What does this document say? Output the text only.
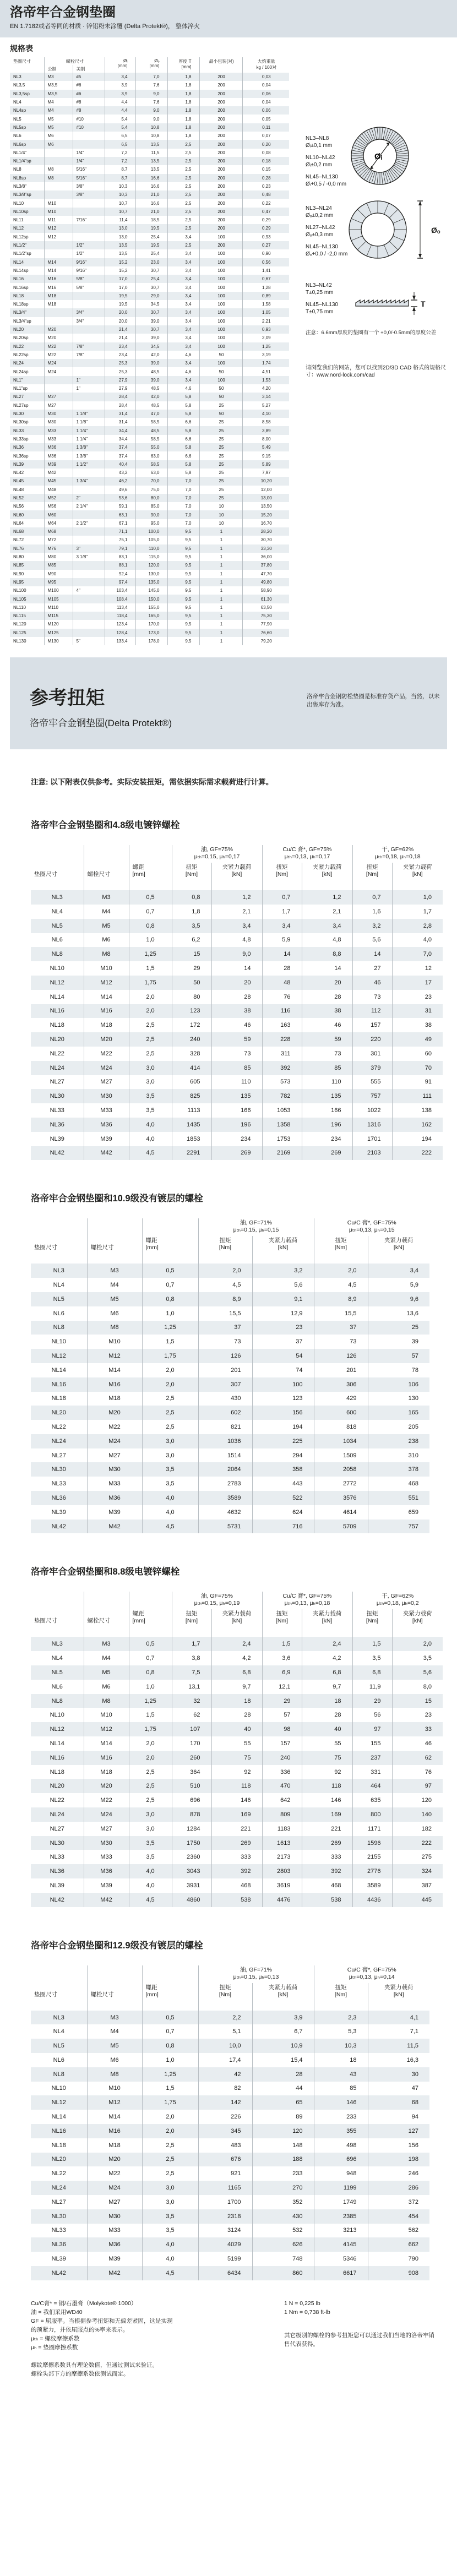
洛帝牢合金钢垫圈
EN 1.7182或者等同的材质 · 锌铝粉末涂覆 (Delta Protekt®)， 整体淬火
规格表
垫圈尺寸	螺栓尺寸	Øᵢ
[mm]

Øₒ
[mm]

厚度 T
[mm]
	最小包装(对)	大约重量
kg / 100对

	公制	美制					
NL3	M3	#5	3,4	7,0	1,8	200	0,03
NL3,5	M3,5	#6	3,9	7,6	1,8	200	0,04
NL3,5sp	M3,5	#6	3,9	9,0	1,8	200	0,06
NL4	M4	#8	4,4	7,6	1,8	200	0,04
NL4sp	M4	#8	4,4	9,0	1,8	200	0,06
NL5	M5	#10	5,4	9,0	1,8	200	0,05
NL5sp	M5	#10	5,4	10,8	1,8	200	0,11
NL6	M6		6,5	10,8	1,8	200	0,07
NL6sp	M6		6,5	13,5	2,5	200	0,20
NL1/4"		1/4"	7,2	11,5	2,5	200	0,08
NL1/4"sp		1/4"	7,2	13,5	2,5	200	0,18
NL8	M8	5/16"	8,7	13,5	2,5	200	0,15
NL8sp	M8	5/16"	8,7	16,6	2,5	200	0,28
NL3/8"		3/8"	10,3	16,6	2,5	200	0,23
NL3/8"sp		3/8"	10,3	21,0	2,5	200	0,48
NL10	M10		10,7	16,6	2,5	200	0,22
NL10sp	M10		10,7	21,0	2,5	200	0,47
NL11	M11	7/16"	11,4	18,5	2,5	200	0,29
NL12	M12		13,0	19,5	2,5	200	0,29
NL12sp	M12		13,0	25,4	3,4	100	0,93
NL1/2"		1/2"	13,5	19,5	2,5	200	0,27
NL1/2"sp		1/2"	13,5	25,4	3,4	100	0,90
NL14	M14	9/16"	15,2	23,0	3,4	100	0,56
NL14sp	M14	9/16"	15,2	30,7	3,4	100	1,41
NL16	M16	5/8"	17,0	25,4	3,4	100	0,67
NL16sp	M16	5/8"	17,0	30,7	3,4	100	1,28
NL18	M18		19,5	29,0	3,4	100	0,89
NL18sp	M18		19,5	34,5	3,4	100	1,58
NL3/4"		3/4"	20,0	30,7	3,4	100	1,05
NL3/4"sp		3/4"	20,0	39,0	3,4	100	2,21
NL20	M20		21,4	30,7	3,4	100	0,93
NL20sp	M20		21,4	39,0	3,4	100	2,09
NL22	M22	7/8"	23,4	34,5	3,4	100	1,25
NL22sp	M22	7/8"	23,4	42,0	4,6	50	3,19
NL24	M24		25,3	39,0	3,4	100	1,74
NL24sp	M24		25,3	48,5	4,6	50	4,51
NL1"		1"	27,9	39,0	3,4	100	1,53
NL1"sp		1"	27,9	48,5	4,6	50	4,20
NL27	M27		28,4	42,0	5,8	50	3,14
NL27sp	M27		28,4	48,5	5,8	25	5,27
NL30	M30	1 1/8"	31,4	47,0	5,8	50	4,10
NL30sp	M30	1 1/8"	31,4	58,5	6,6	25	8,58
NL33	M33	1 1/4"	34,4	48,5	5,8	25	3,89
NL33sp	M33	1 1/4"	34,4	58,5	6,6	25	8,00
NL36	M36	1 3/8"	37,4	55,0	5,8	25	5,49
NL36sp	M36	1 3/8"	37,4	63,0	6,6	25	9,15
NL39	M39	1 1/2"	40,4	58,5	5,8	25	5,89
NL42	M42		43,2	63,0	5,8	25	7,97
NL45	M45	1 3/4"	46,2	70,0	7,0	25	10,20
NL48	M48		49,6	75,0	7,0	25	12,00
NL52	M52	2"	53,6	80,0	7,0	25	13,00
NL56	M56	2 1/4"	59,1	85,0	7,0	10	13,50
NL60	M60		63,1	90,0	7,0	10	15,20
NL64	M64	2 1/2"	67,1	95,0	7,0	10	16,70
NL68	M68		71,1	100,0	9,5	1	28,20
NL72	M72		75,1	105,0	9,5	1	30,70
NL76	M76	3"	79,1	110,0	9,5	1	33,30
NL80	M80	3 1/8"	83,1	115,0	9,5	1	36,00
NL85	M85		88,1	120,0	9,5	1	37,80
NL90	M90		92,4	130,0	9,5	1	47,70
NL95	M95		97,4	135,0	9,5	1	49,80
NL100	M100	4"	103,4	145,0	9,5	1	58,90
NL105	M105		108,4	150,0	9,5	1	61,30
NL110	M110		113,4	155,0	9,5	1	63,50
NL115	M115		118,4	165,0	9,5	1	75,30
NL120	M120		123,4	170,0	9,5	1	77,90
NL125	M125		128,4	173,0	9,5	1	76,60
NL130	M130	5"	133,4	178,0	9,5	1	79,20
NL3–NL8
Øᵢ±0,1 mm
NL10–NL42
Øᵢ±0,2 mm
NL45–NL130
Øᵢ+0,5 / -0,0 mm
Øᵢ
NL3–NL24
Øₒ±0,2 mm
NL27–NL42
Øₒ±0,3 mm
NL45–NL130
Øₒ+0,0 / -2,0 mm
Øₒ
NL3–NL42
T±0,25 mm
NL45–NL130
T±0,75 mm
T
注意：6.6mm厚度的垫圈有一个 +0,0/-0.5mm的厚度公差
请浏览我们的网站，您可以找到2D/3D CAD 格式的规格尺寸：www.nord-lock.com/cad
洛帝牢合金钢防松垫圈是标准存货产品，当然，以未出售库存为准。
参考扭矩
洛帝牢合金钢垫圈(Delta Protekt®)
注意: 以下附表仅供参考。实际安装扭矩，需依据实际需求载荷进行计算。
洛帝牢合金钢垫圈和4.8级电镀锌螺栓
垫圈尺寸	螺栓尺寸

螺距
[mm]

油, GF=75%
μₜₕ=0,15, μₕ=0,17

Cu/C 膏*, GF=75%
μₜₕ=0,13, μₕ=0,17

干, GF=62%
μₜₕ=0,18, μₕ=0,18

扭矩
[Nm]

夹紧力载荷
[kN]

扭矩
[Nm]

夹紧力载荷
[kN]

扭矩
[Nm]

夹紧力载荷
[kN]

NL3	M3	0,5	0,8	1,2	0,7	1,2	0,7	1,0
NL4	M4	0,7	1,8	2,1	1,7	2,1	1,6	1,7
NL5	M5	0,8	3,5	3,4	3,4	3,4	3,2	2,8
NL6	M6	1,0	6,2	4,8	5,9	4,8	5,6	4,0
NL8	M8	1,25	15	9,0	14	8,8	14	7,0
NL10	M10	1,5	29	14	28	14	27	12
NL12	M12	1,75	50	20	48	20	46	17
NL14	M14	2,0	80	28	76	28	73	23
NL16	M16	2,0	123	38	116	38	112	31
NL18	M18	2,5	172	46	163	46	157	38
NL20	M20	2,5	240	59	228	59	220	49
NL22	M22	2,5	328	73	311	73	301	60
NL24	M24	3,0	414	85	392	85	379	70
NL27	M27	3,0	605	110	573	110	555	91
NL30	M30	3,5	825	135	782	135	757	111
NL33	M33	3,5	1113	166	1053	166	1022	138
NL36	M36	4,0	1435	196	1358	196	1316	162
NL39	M39	4,0	1853	234	1753	234	1701	194
NL42	M42	4,5	2291	269	2169	269	2103	222
洛帝牢合金钢垫圈和10.9级没有镀层的螺栓
垫圈尺寸	螺栓尺寸

螺距
[mm]

油, GF=71%
μₜₕ=0,15, μₕ=0,15

Cu/C 膏*, GF=75%
μₜₕ=0,13, μₕ=0,15

扭矩
[Nm]

夹紧力载荷
[kN]

扭矩
[Nm]

夹紧力载荷
[kN]

NL3	M3	0,5	2,0	3,2	2,0	3,4
NL4	M4	0,7	4,5	5,6	4,5	5,9
NL5	M5	0,8	8,9	9,1	8,9	9,6
NL6	M6	1,0	15,5	12,9	15,5	13,6
NL8	M8	1,25	37	23	37	25
NL10	M10	1,5	73	37	73	39
NL12	M12	1,75	126	54	126	57
NL14	M14	2,0	201	74	201	78
NL16	M16	2,0	307	100	306	106
NL18	M18	2,5	430	123	429	130
NL20	M20	2,5	602	156	600	165
NL22	M22	2,5	821	194	818	205
NL24	M24	3,0	1036	225	1034	238
NL27	M27	3,0	1514	294	1509	310
NL30	M30	3,5	2064	358	2058	378
NL33	M33	3,5	2783	443	2772	468
NL36	M36	4,0	3589	522	3576	551
NL39	M39	4,0	4632	624	4614	659
NL42	M42	4,5	5731	716	5709	757
洛帝牢合金钢垫圈和8.8级电镀锌螺栓
垫圈尺寸	螺栓尺寸

螺距
[mm]

油, GF=75%
μₜₕ=0,15, μₕ=0,19

Cu/C 膏*, GF=75%
μₜₕ=0,13, μₕ=0,18

干, GF=62%
μₜₕ=0,18, μₕ=0,2

扭矩
[Nm]

夹紧力载荷
[kN]

扭矩
[Nm]

夹紧力载荷
[kN]

扭矩
[Nm]

夹紧力载荷
[kN]

NL3	M3	0,5	1,7	2,4	1,5	2,4	1,5	2,0
NL4	M4	0,7	3,8	4,2	3,6	4,2	3,5	3,5
NL5	M5	0,8	7,5	6,8	6,9	6,8	6,8	5,6
NL6	M6	1,0	13,1	9,7	12,1	9,7	11,9	8,0
NL8	M8	1,25	32	18	29	18	29	15
NL10	M10	1,5	62	28	57	28	56	23
NL12	M12	1,75	107	40	98	40	97	33
NL14	M14	2,0	170	55	157	55	155	46
NL16	M16	2,0	260	75	240	75	237	62
NL18	M18	2,5	364	92	336	92	331	76
NL20	M20	2,5	510	118	470	118	464	97
NL22	M22	2,5	696	146	642	146	635	120
NL24	M24	3,0	878	169	809	169	800	140
NL27	M27	3,0	1284	221	1183	221	1171	182
NL30	M30	3,5	1750	269	1613	269	1596	222
NL33	M33	3,5	2360	333	2173	333	2155	275
NL36	M36	4,0	3043	392	2803	392	2776	324
NL39	M39	4,0	3931	468	3619	468	3589	387
NL42	M42	4,5	4860	538	4476	538	4436	445
洛帝牢合金钢垫圈和12.9级没有镀层的螺栓
垫圈尺寸	螺栓尺寸

螺距
[mm]

油, GF=71%
μₜₕ=0,15, μₕ=0,13

Cu/C 膏*, GF=75%
μₜₕ=0,13, μₕ=0,14

扭矩
[Nm]

夹紧力载荷
[kN]

扭矩
[Nm]

夹紧力载荷
[kN]

NL3	M3	0,5	2,2	3,9	2,3	4,1
NL4	M4	0,7	5,1	6,7	5,3	7,1
NL5	M5	0,8	10,0	10,9	10,3	11,5
NL6	M6	1,0	17,4	15,4	18	16,3
NL8	M8	1,25	42	28	43	30
NL10	M10	1,5	82	44	85	47
NL12	M12	1,75	142	65	146	68
NL14	M14	2,0	226	89	233	94
NL16	M16	2,0	345	120	355	127
NL18	M18	2,5	483	148	498	156
NL20	M20	2,5	676	188	696	198
NL22	M22	2,5	921	233	948	246
NL24	M24	3,0	1165	270	1199	286
NL27	M27	3,0	1700	352	1749	372
NL30	M30	3,5	2318	430	2385	454
NL33	M33	3,5	3124	532	3213	562
NL36	M36	4,0	4029	626	4145	662
NL39	M39	4,0	5199	748	5346	790
NL42	M42	4,5	6434	860	6617	908
Cu/C膏* = 铜/石墨膏（Molykote® 1000）
油 = 我们采用WD40
GF = 屈服率。当根据参考扭矩和无偏差紧固，这是实现
的预紧力，并依屈服点的%率来表示。
μₜₕ = 螺纹摩擦系数
μₕ = 垫圈摩擦系数
螺纹摩擦系数具有理论数值，但通过测试来验证。
螺栓头部下方的摩擦系数依测试而定。
1 N = 0,225 lb
1 Nm = 0,738 ft-lb
其它级别的螺栓的参考扭矩您可以通过我们当地的洛帝牢销售代表获得。
